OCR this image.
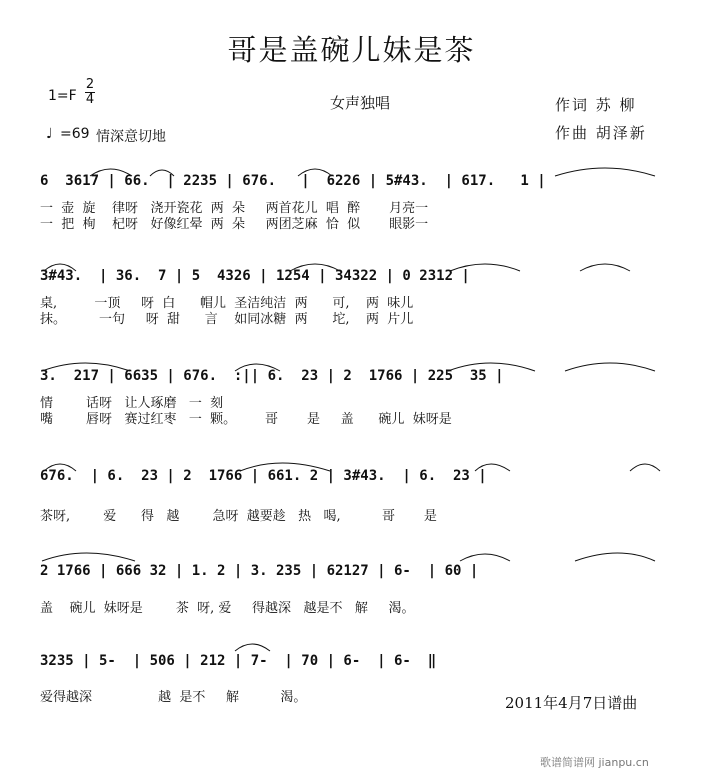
哥是盖碗儿妹是茶
$1=F \frac{2}{4}$
♩ =69 情深意切地
女声独唱	作词 苏 柳
作曲 胡泽新
6  3617 | 66.  | 2235 | 676.   |  6226 | 5#43.  | 617.   1 |
一  壶  旋    律呀   浇开瓷花  两  朵     两首花儿  唱  醉       月亮一
一  把  栒    杞呀   好像红晕  两  朵     两团芝麻  恰  似       眼影一
3#43.  | 36.  7 | 5  4326 | 1254 | 34322 | 0 2312 |
桌,         一顶     呀  白      帽儿  圣洁纯洁  两      可,    两  味儿
抹。        一句     呀  甜      言    如同冰糖  两      坨,    两  片儿
3.  217 | 6635 | 676.  :|| 6.  23 | 2  1766 | 225  35 |
情        话呀   让人琢磨   一  刻
嘴        唇呀   赛过红枣   一  颗。       哥       是     盖      碗儿  妹呀是
676.  | 6.  23 | 2  1766 | 661. 2 | 3#43.  | 6.  23 |
茶呀,        爱      得   越        急呀  越要趁   热   喝,          哥       是
2 1766 | 666 32 | 1. 2 | 3. 235 | 62127 | 6-  | 60 |
盖    碗儿  妹呀是        茶  呀, 爱     得越深   越是不   解     渴。
3235 | 5-  | 506 | 212 | 7-  | 70 | 6-  | 6-  ‖
爱得越深                越  是不     解          渴。	2011年4月7日谱曲
歌谱简谱网 jianpu.cn
